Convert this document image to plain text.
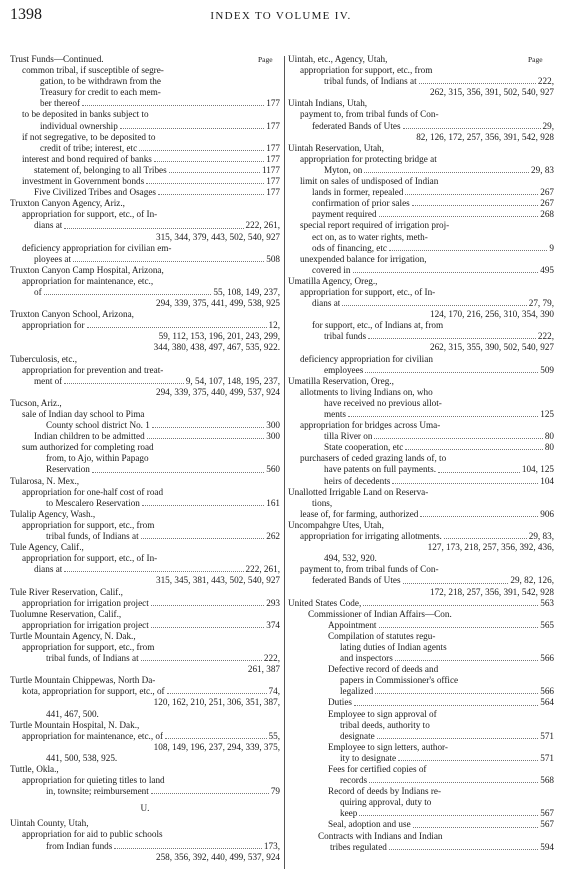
1398	INDEX TO VOLUME IV.
Page	Page
Trust Funds—Continued.
common tribal, if susceptible of segre-
gation, to be withdrawn from the
Treasury for credit to each mem-
ber thereof	177
to be deposited in banks subject to
individual ownership	177
if not segregative, to be deposited to
credit of tribe; interest, etc	177
interest and bond required of banks	177
statement of, belonging to all Tribes	1177
investment in Government bonds	177
Five Civilized Tribes and Osages	177
Truxton Canyon Agency, Ariz.,
appropriation for support, etc., of In-
dians at	222, 261,
315, 344, 379, 443, 502, 540, 927
deficiency appropriation for civilian em-
ployees at	508
Truxton Canyon Camp Hospital, Arizona,
appropriation for maintenance, etc.,
of	55, 108, 149, 237,
294, 339, 375, 441, 499, 538, 925
Truxton Canyon School, Arizona,
appropriation for	12,
59, 112, 153, 196, 201, 243, 299,
344, 380, 438, 497, 467, 535, 922.
Tuberculosis, etc.,
appropriation for prevention and treat-
ment of	9, 54, 107, 148, 195, 237,
294, 339, 375, 440, 499, 537, 924
Tucson, Ariz.,
sale of Indian day school to Pima
County school district No. 1	300
Indian children to be admitted	300
sum authorized for completing road
from, to Ajo, within Papago
Reservation	560
Tularosa, N. Mex.,
appropriation for one-half cost of road
to Mescalero Reservation	161
Tulalip Agency, Wash.,
appropriation for support, etc., from
tribal funds, of Indians at	262
Tule Agency, Calif.,
appropriation for support, etc., of In-
dians at	222, 261,
315, 345, 381, 443, 502, 540, 927
Tule River Reservation, Calif.,
appropriation for irrigation project	293
Tuolumne Reservation, Calif.,
appropriation for irrigation project	374
Turtle Mountain Agency, N. Dak.,
appropriation for support, etc., from
tribal funds, of Indians at	222,
261, 387
Turtle Mountain Chippewas, North Da-
kota, appropriation for support, etc., of	74,
120, 162, 210, 251, 306, 351, 387,
441, 467, 500.
Turtle Mountain Hospital, N. Dak.,
appropriation for maintenance, etc., of	55,
108, 149, 196, 237, 294, 339, 375,
441, 500, 538, 925.
Tuttle, Okla.,
appropriation for quieting titles to land
in, townsite; reimbursement	79
U.
Uintah County, Utah,
appropriation for aid to public schools
from Indian funds	173,
258, 356, 392, 440, 499, 537, 924
Uintah, etc., Agency, Utah,
appropriation for support, etc., from
tribal funds, of Indians at	222,
262, 315, 356, 391, 502, 540, 927
Uintah Indians, Utah,
payment to, from tribal funds of Con-
federated Bands of Utes	29,
82, 126, 172, 257, 356, 391, 542, 928
Uintah Reservation, Utah,
appropriation for protecting bridge at
Myton, on	29, 83
limit on sales of undisposed of Indian
lands in former, repealed	267
confirmation of prior sales	267
payment required	268
special report required of irrigation proj-
ect on, as to water rights, meth-
ods of financing, etc	9
unexpended balance for irrigation,
covered in	495
Umatilla Agency, Oreg.,
appropriation for support, etc., of In-
dians at	27, 79,
124, 170, 216, 256, 310, 354, 390
for support, etc., of Indians at, from
tribal funds	222,
262, 315, 355, 390, 502, 540, 927
deficiency appropriation for civilian
employees	509
Umatilla Reservation, Oreg.,
allotments to living Indians on, who
have received no previous allot-
ments	125
appropriation for bridges across Uma-
tilla River on	80
State cooperation, etc	80
purchasers of ceded grazing lands of, to
have patents on full payments.	104, 125
heirs of decedents	104
Unallotted Irrigable Land on Reserva-
tions,
lease of, for farming, authorized	906
Uncompahgre Utes, Utah,
appropriation for irrigating allotments.	29, 83,
127, 173, 218, 257, 356, 392, 436,
494, 532, 920.
payment to, from tribal funds of Con-
federated Bands of Utes	29, 82, 126,
172, 218, 257, 356, 391, 542, 928
United States Code,	563
Commissioner of Indian Affairs—Con.
Appointment	565
Compilation of statutes regu-
lating duties of Indian agents
and inspectors	566
Defective record of deeds and
papers in Commissioner's office
legalized	566
Duties	564
Employee to sign approval of
tribal deeds, authority to
designate	571
Employee to sign letters, author-
ity to designate	571
Fees for certified copies of
records	568
Record of deeds by Indians re-
quiring approval, duty to
keep	567
Seal, adoption and use	567
Contracts with Indians and Indian
tribes regulated	594
